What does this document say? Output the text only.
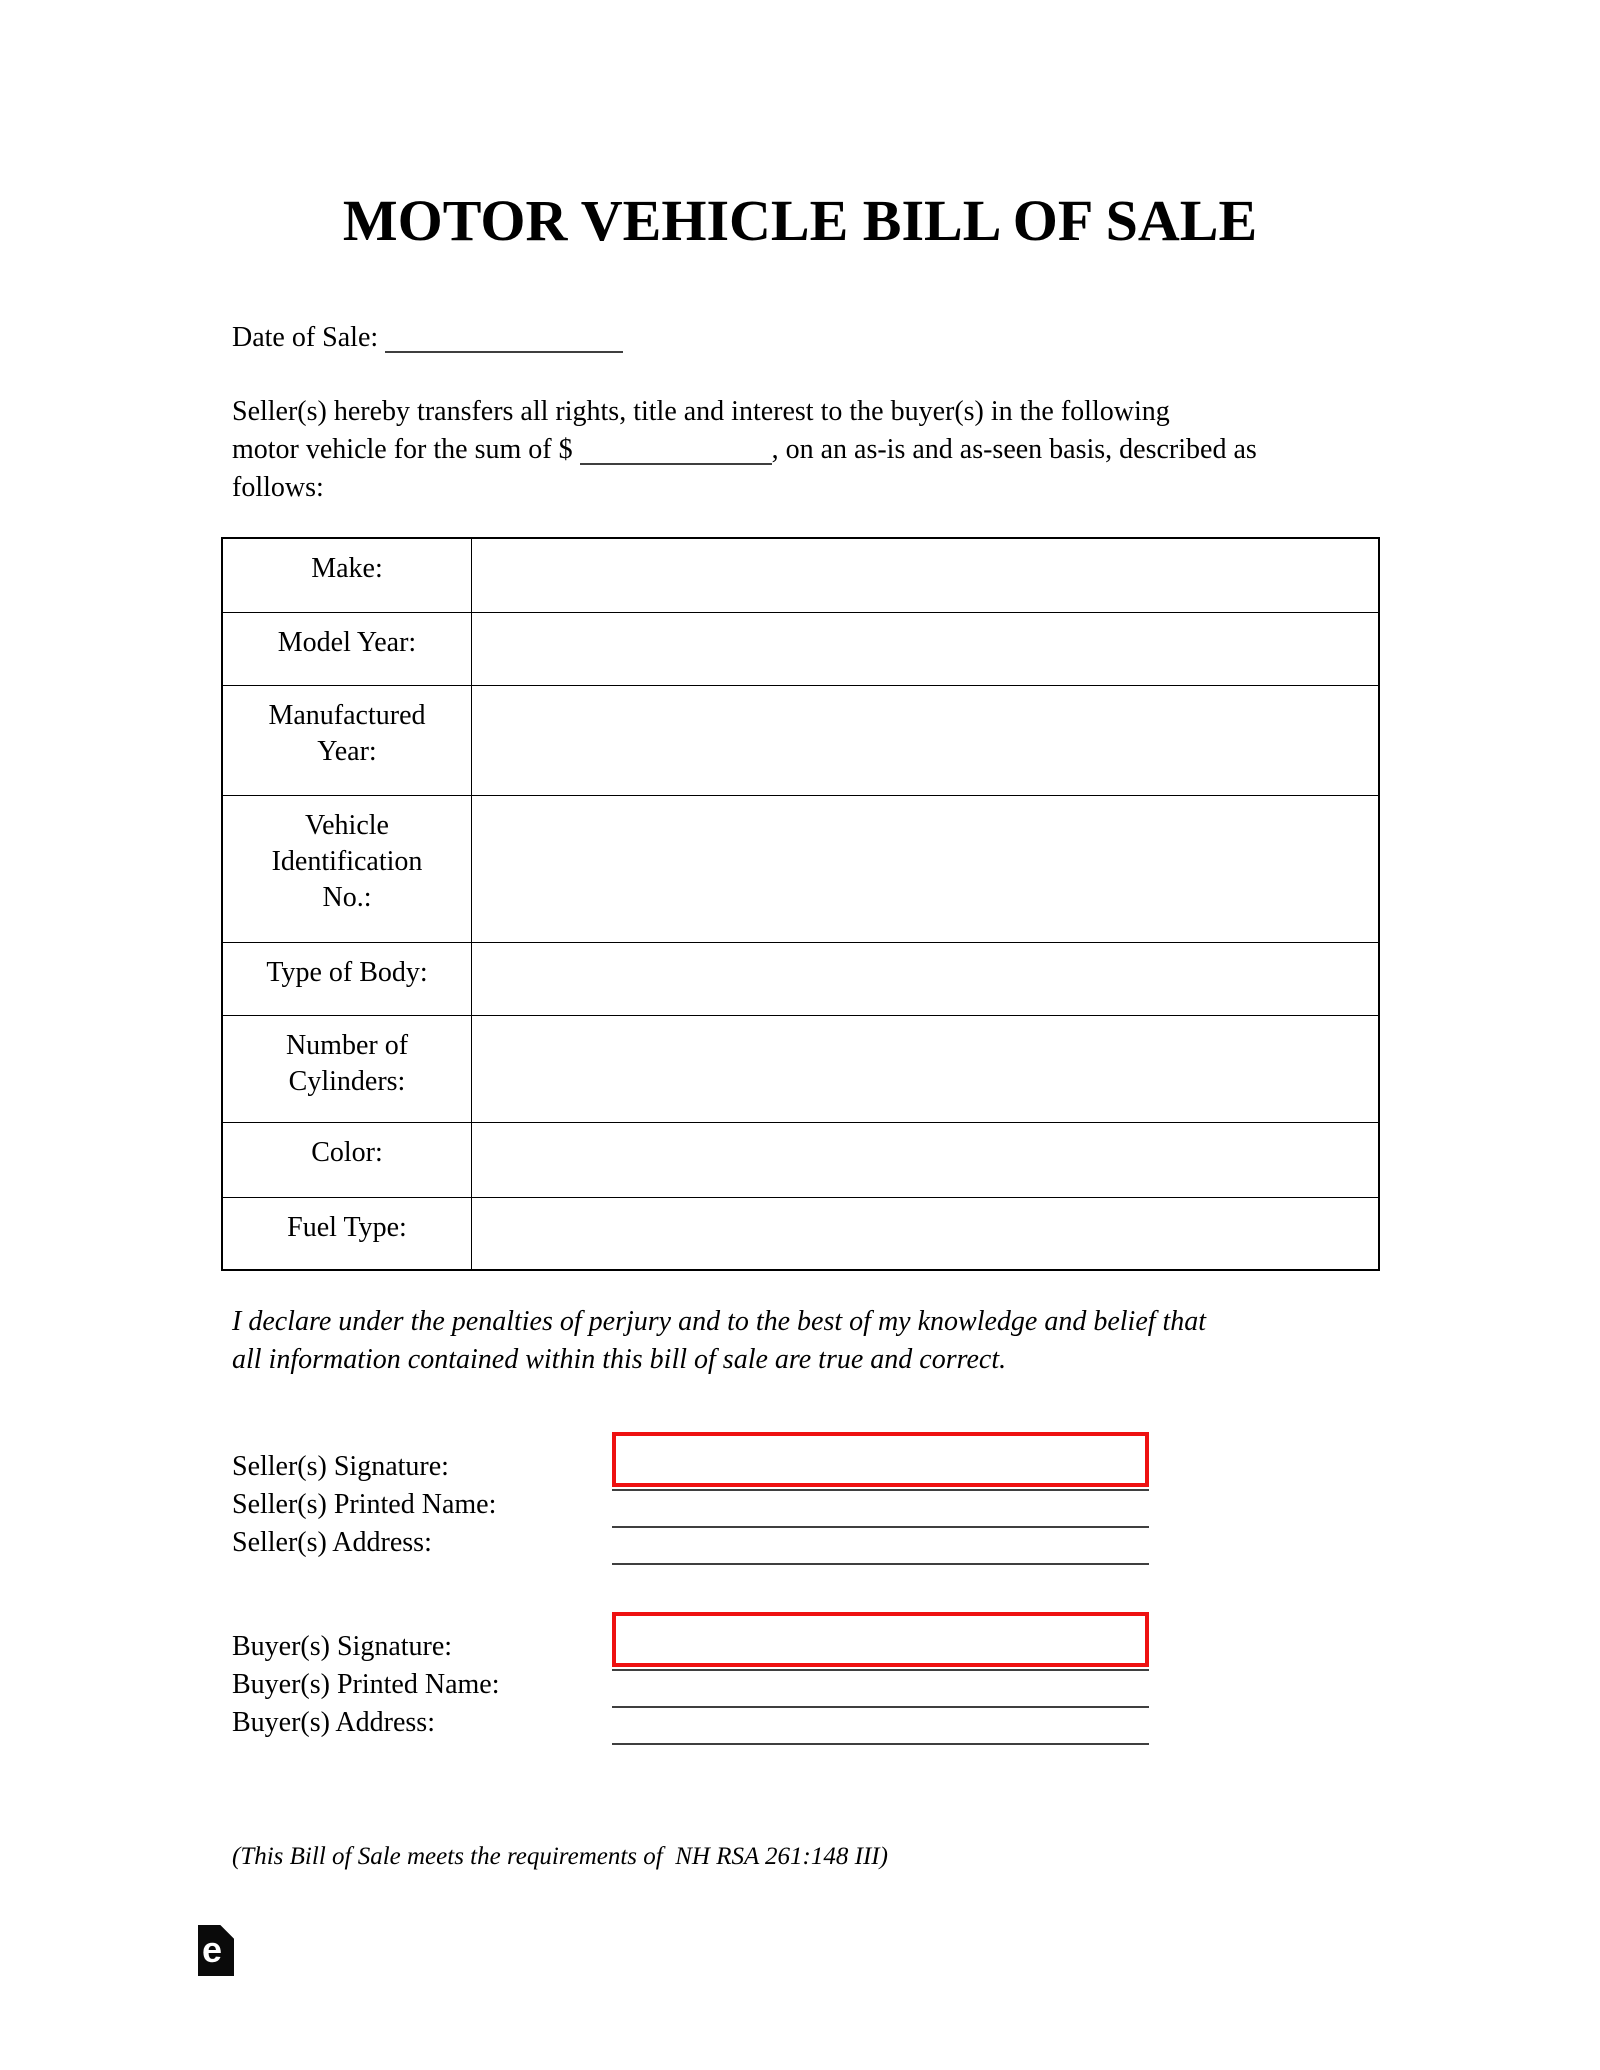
MOTOR VEHICLE BILL OF SALE
Date of Sale:
Seller(s) hereby transfers all rights, title and interest to the buyer(s) in the following
motor vehicle for the sum of $	, on an as-is and as-seen basis, described as
follows:
Make:
Model Year:
Manufactured Year:
Vehicle Identification No.:
Type of Body:
Number of Cylinders:
Color:
Fuel Type:
I declare under the penalties of perjury and to the best of my knowledge and belief that
all information contained within this bill of sale are true and correct.
Seller(s) Signature:
Seller(s) Printed Name:
Seller(s) Address:
Buyer(s) Signature:
Buyer(s) Printed Name:
Buyer(s) Address:
(This Bill of Sale meets the requirements of  NH RSA 261:148 III)
e
